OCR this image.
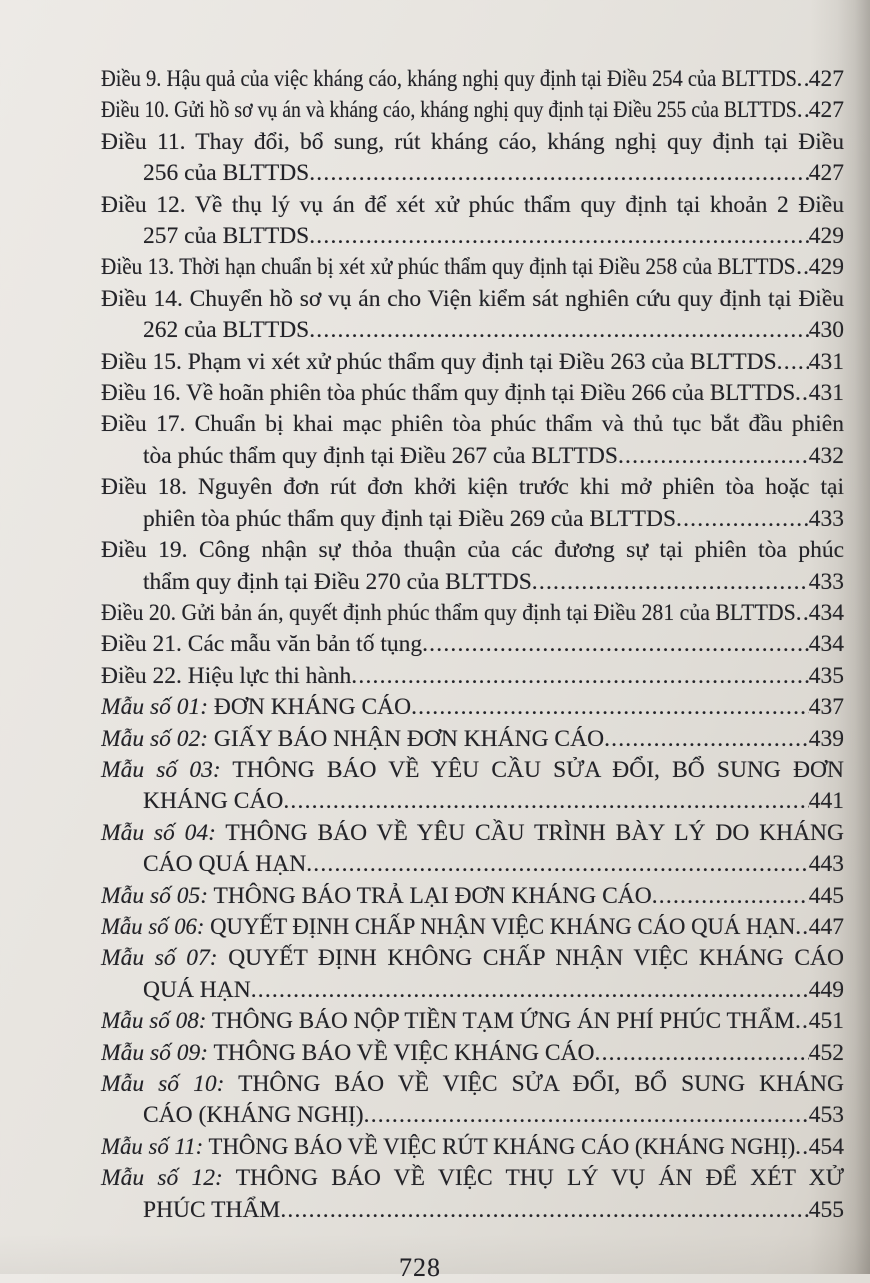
Điều 9. Hậu quả của việc kháng cáo, kháng nghị quy định tại Điều 254 của BLTTDS ..... 427
Điều 10. Gửi hồ sơ vụ án và kháng cáo, kháng nghị quy định tại Điều 255 của BLTTDS ..... 427
Điều 11. Thay đổi, bổ sung, rút kháng cáo, kháng nghị quy định tại Điều
256 của BLTTDS .....	427
Điều 12. Về thụ lý vụ án để xét xử phúc thẩm quy định tại khoản 2 Điều
257 của BLTTDS .....	429
Điều 13. Thời hạn chuẩn bị xét xử phúc thẩm quy định tại Điều 258 của BLTTDS ..... 429
Điều 14. Chuyển hồ sơ vụ án cho Viện kiểm sát nghiên cứu quy định tại Điều
262 của BLTTDS .....	430
Điều 15. Phạm vi xét xử phúc thẩm quy định tại Điều 263 của BLTTDS ..... 431
Điều 16. Về hoãn phiên tòa phúc thẩm quy định tại Điều 266 của BLTTDS ..... 431
Điều 17. Chuẩn bị khai mạc phiên tòa phúc thẩm và thủ tục bắt đầu phiên
tòa phúc thẩm quy định tại Điều 267 của BLTTDS .....	432
Điều 18. Nguyên đơn rút đơn khởi kiện trước khi mở phiên tòa hoặc tại
phiên tòa phúc thẩm quy định tại Điều 269 của BLTTDS .....	433
Điều 19. Công nhận sự thỏa thuận của các đương sự tại phiên tòa phúc
thẩm quy định tại Điều 270 của BLTTDS .....	433
Điều 20. Gửi bản án, quyết định phúc thẩm quy định tại Điều 281 của BLTTDS ..... 434
Điều 21. Các mẫu văn bản tố tụng .....	434
Điều 22. Hiệu lực thi hành .....	435
Mẫu số 01: ĐƠN KHÁNG CÁO .....	437
Mẫu số 02: GIẤY BÁO NHẬN ĐƠN KHÁNG CÁO .....	439
Mẫu số 03: THÔNG BÁO VỀ YÊU CẦU SỬA ĐỔI, BỔ SUNG ĐƠN
KHÁNG CÁO .....	441
Mẫu số 04: THÔNG BÁO VỀ YÊU CẦU TRÌNH BÀY LÝ DO KHÁNG
CÁO QUÁ HẠN .....	443
Mẫu số 05: THÔNG BÁO TRẢ LẠI ĐƠN KHÁNG CÁO .....	445
Mẫu số 06: QUYẾT ĐỊNH CHẤP NHẬN VIỆC KHÁNG CÁO QUÁ HẠN ..... 447
Mẫu số 07: QUYẾT ĐỊNH KHÔNG CHẤP NHẬN VIỆC KHÁNG CÁO
QUÁ HẠN .....	449
Mẫu số 08: THÔNG BÁO NỘP TIỀN TẠM ỨNG ÁN PHÍ PHÚC THẨM ..... 451
Mẫu số 09: THÔNG BÁO VỀ VIỆC KHÁNG CÁO .....	452
Mẫu số 10: THÔNG BÁO VỀ VIỆC SỬA ĐỔI, BỔ SUNG KHÁNG
CÁO (KHÁNG NGHỊ) .....	453
Mẫu số 11: THÔNG BÁO VỀ VIỆC RÚT KHÁNG CÁO (KHÁNG NGHỊ) ..... 454
Mẫu số 12: THÔNG BÁO VỀ VIỆC THỤ LÝ VỤ ÁN ĐỂ XÉT XỬ
PHÚC THẨM .....	455
728
